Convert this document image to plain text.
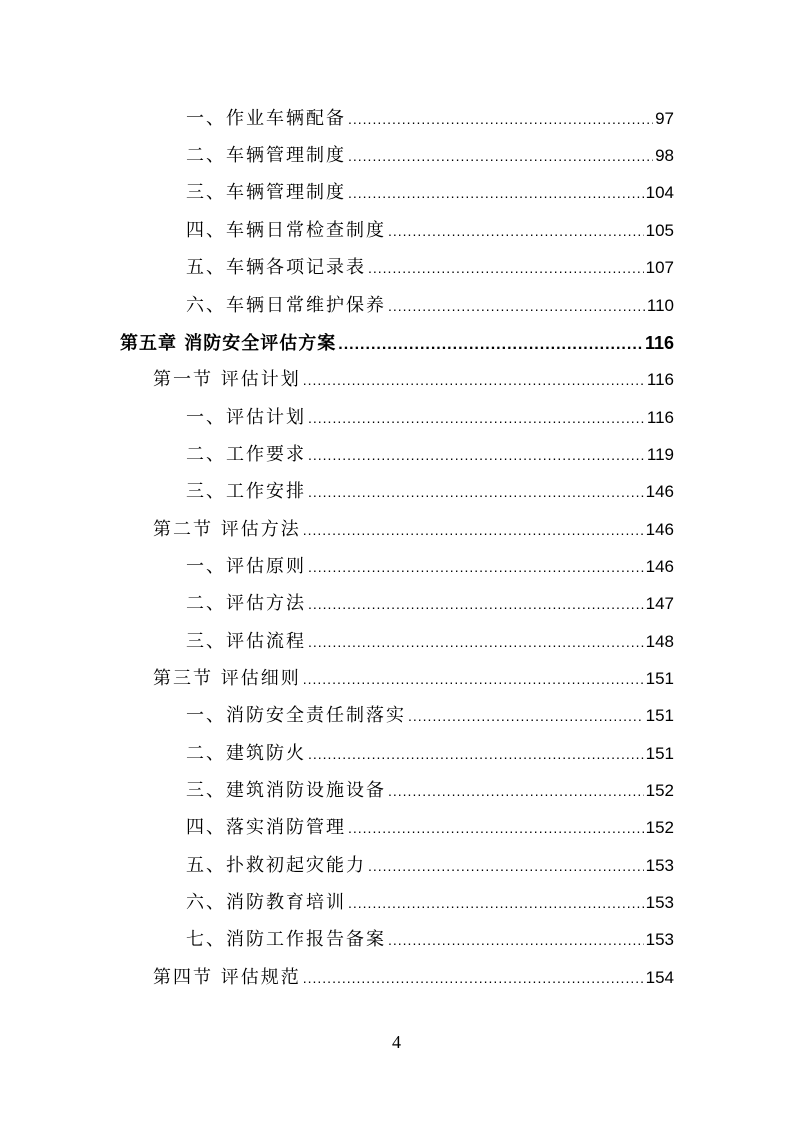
一、作业车辆配备 .....	97
二、车辆管理制度 .....	98
三、车辆管理制度 .....	104
四、车辆日常检查制度 .....	105
五、车辆各项记录表 .....	107
六、车辆日常维护保养 .....	110
第五章 消防安全评估方案 .....	116
第一节 评估计划 .....	116
一、评估计划 .....	116
二、工作要求 .....	119
三、工作安排 .....	146
第二节 评估方法 .....	146
一、评估原则 .....	146
二、评估方法 .....	147
三、评估流程 .....	148
第三节 评估细则 .....	151
一、消防安全责任制落实 .....	151
二、建筑防火 .....	151
三、建筑消防设施设备 .....	152
四、落实消防管理 .....	152
五、扑救初起灾能力 .....	153
六、消防教育培训 .....	153
七、消防工作报告备案 .....	153
第四节 评估规范 .....	154
4
